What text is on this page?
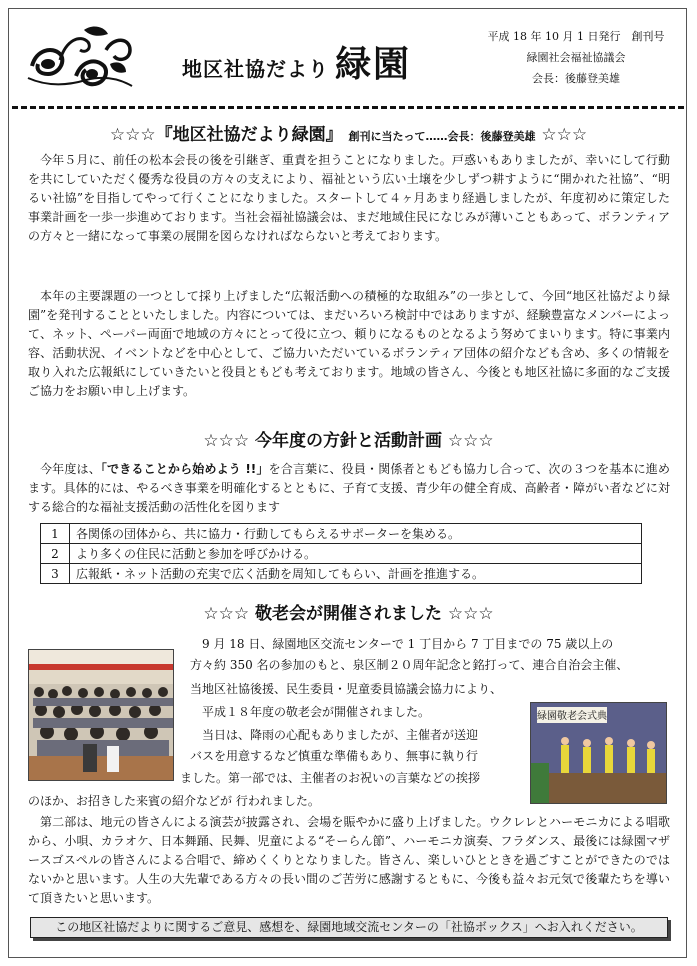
地区社協だより 緑園
平成 18 年 10 月 1 日発行　創刊号
緑園社会福祉協議会
会長：後藤登美雄
☆☆☆『地区社協だより緑園』 創刊に当たって……会長：後藤登美雄 ☆☆☆
今年５月に、前任の松本会長の後を引継ぎ、重責を担うことになりました。戸惑いもありましたが、幸いにして行動を共にしていただく優秀な役員の方々の支えにより、福祉という広い土壌を少しずつ耕すように“開かれた社協”、“明るい社協”を目指してやって行くことになりました。スタートして４ヶ月あまり経過しましたが、年度初めに策定した事業計画を一歩一歩進めております。当社会福祉協議会は、まだ地域住民になじみが薄いこともあって、ボランティアの方々と一緒になって事業の展開を図らなければならないと考えております。
本年の主要課題の一つとして採り上げました“広報活動への積極的な取組み”の一歩として、今回“地区社協だより緑園”を発刊することといたしました。内容については、まだいろいろ検討中ではありますが、経験豊富なメンバーによって、ネット、ペーパー両面で地域の方々にとって役に立つ、頼りになるものとなるよう努めてまいります。特に事業内容、活動状況、イベントなどを中心として、ご協力いただいているボランティア団体の紹介なども含め、多くの情報を取り入れた広報紙にしていきたいと役員ともども考えております。地域の皆さん、今後とも地区社協に多面的なご支援ご協力をお願い申し上げます。
☆☆☆ 今年度の方針と活動計画 ☆☆☆
今年度は、「できることから始めよう !!」を合言葉に、役員・関係者ともども協力し合って、次の３つを基本に進めます。具体的には、やるべき事業を明確化するとともに、子育て支援、青少年の健全育成、高齢者・障がい者などに対する総合的な福祉支援活動の活性化を図ります
1	各関係の団体から、共に協力・行動してもらえるサポーターを集める。
2	より多くの住民に活動と参加を呼びかける。
3	広報紙・ネット活動の充実で広く活動を周知してもらい、計画を推進する。
☆☆☆ 敬老会が開催されました ☆☆☆
緑園敬老会式典
9 月 18 日、緑園地区交流センターで 1 丁目から 7 丁目までの 75 歳以上の
方々約 350 名の参加のもと、泉区制２０周年記念と銘打って、連合自治会主催、
当地区社協後援、民生委員・児童委員協議会協力により、
平成１８年度の敬老会が開催されました。
当日は、降雨の心配もありましたが、主催者が送迎
バスを用意するなど慎重な準備もあり、無事に執り行
ました。第一部では、主催者のお祝いの言葉などの挨拶
のほか、お招きした来賓の紹介などが 行われました。
第二部は、地元の皆さんによる演芸が披露され、会場を賑やかに盛り上げました。ウクレレとハーモニカによる唱歌から、小唄、カラオケ、日本舞踊、民舞、児童による“そーらん節”、ハーモニカ演奏、フラダンス、最後には緑園マザースゴスペルの皆さんによる合唱で、締めくくりとなりました。皆さん、楽しいひとときを過ごすことができたのではないかと思います。人生の大先輩である方々の長い間のご苦労に感謝するともに、今後も益々お元気で後輩たちを導いて頂きたいと思います。
この地区社協だよりに関するご意見、感想を、緑園地域交流センターの「社協ボックス」へお入れください。
